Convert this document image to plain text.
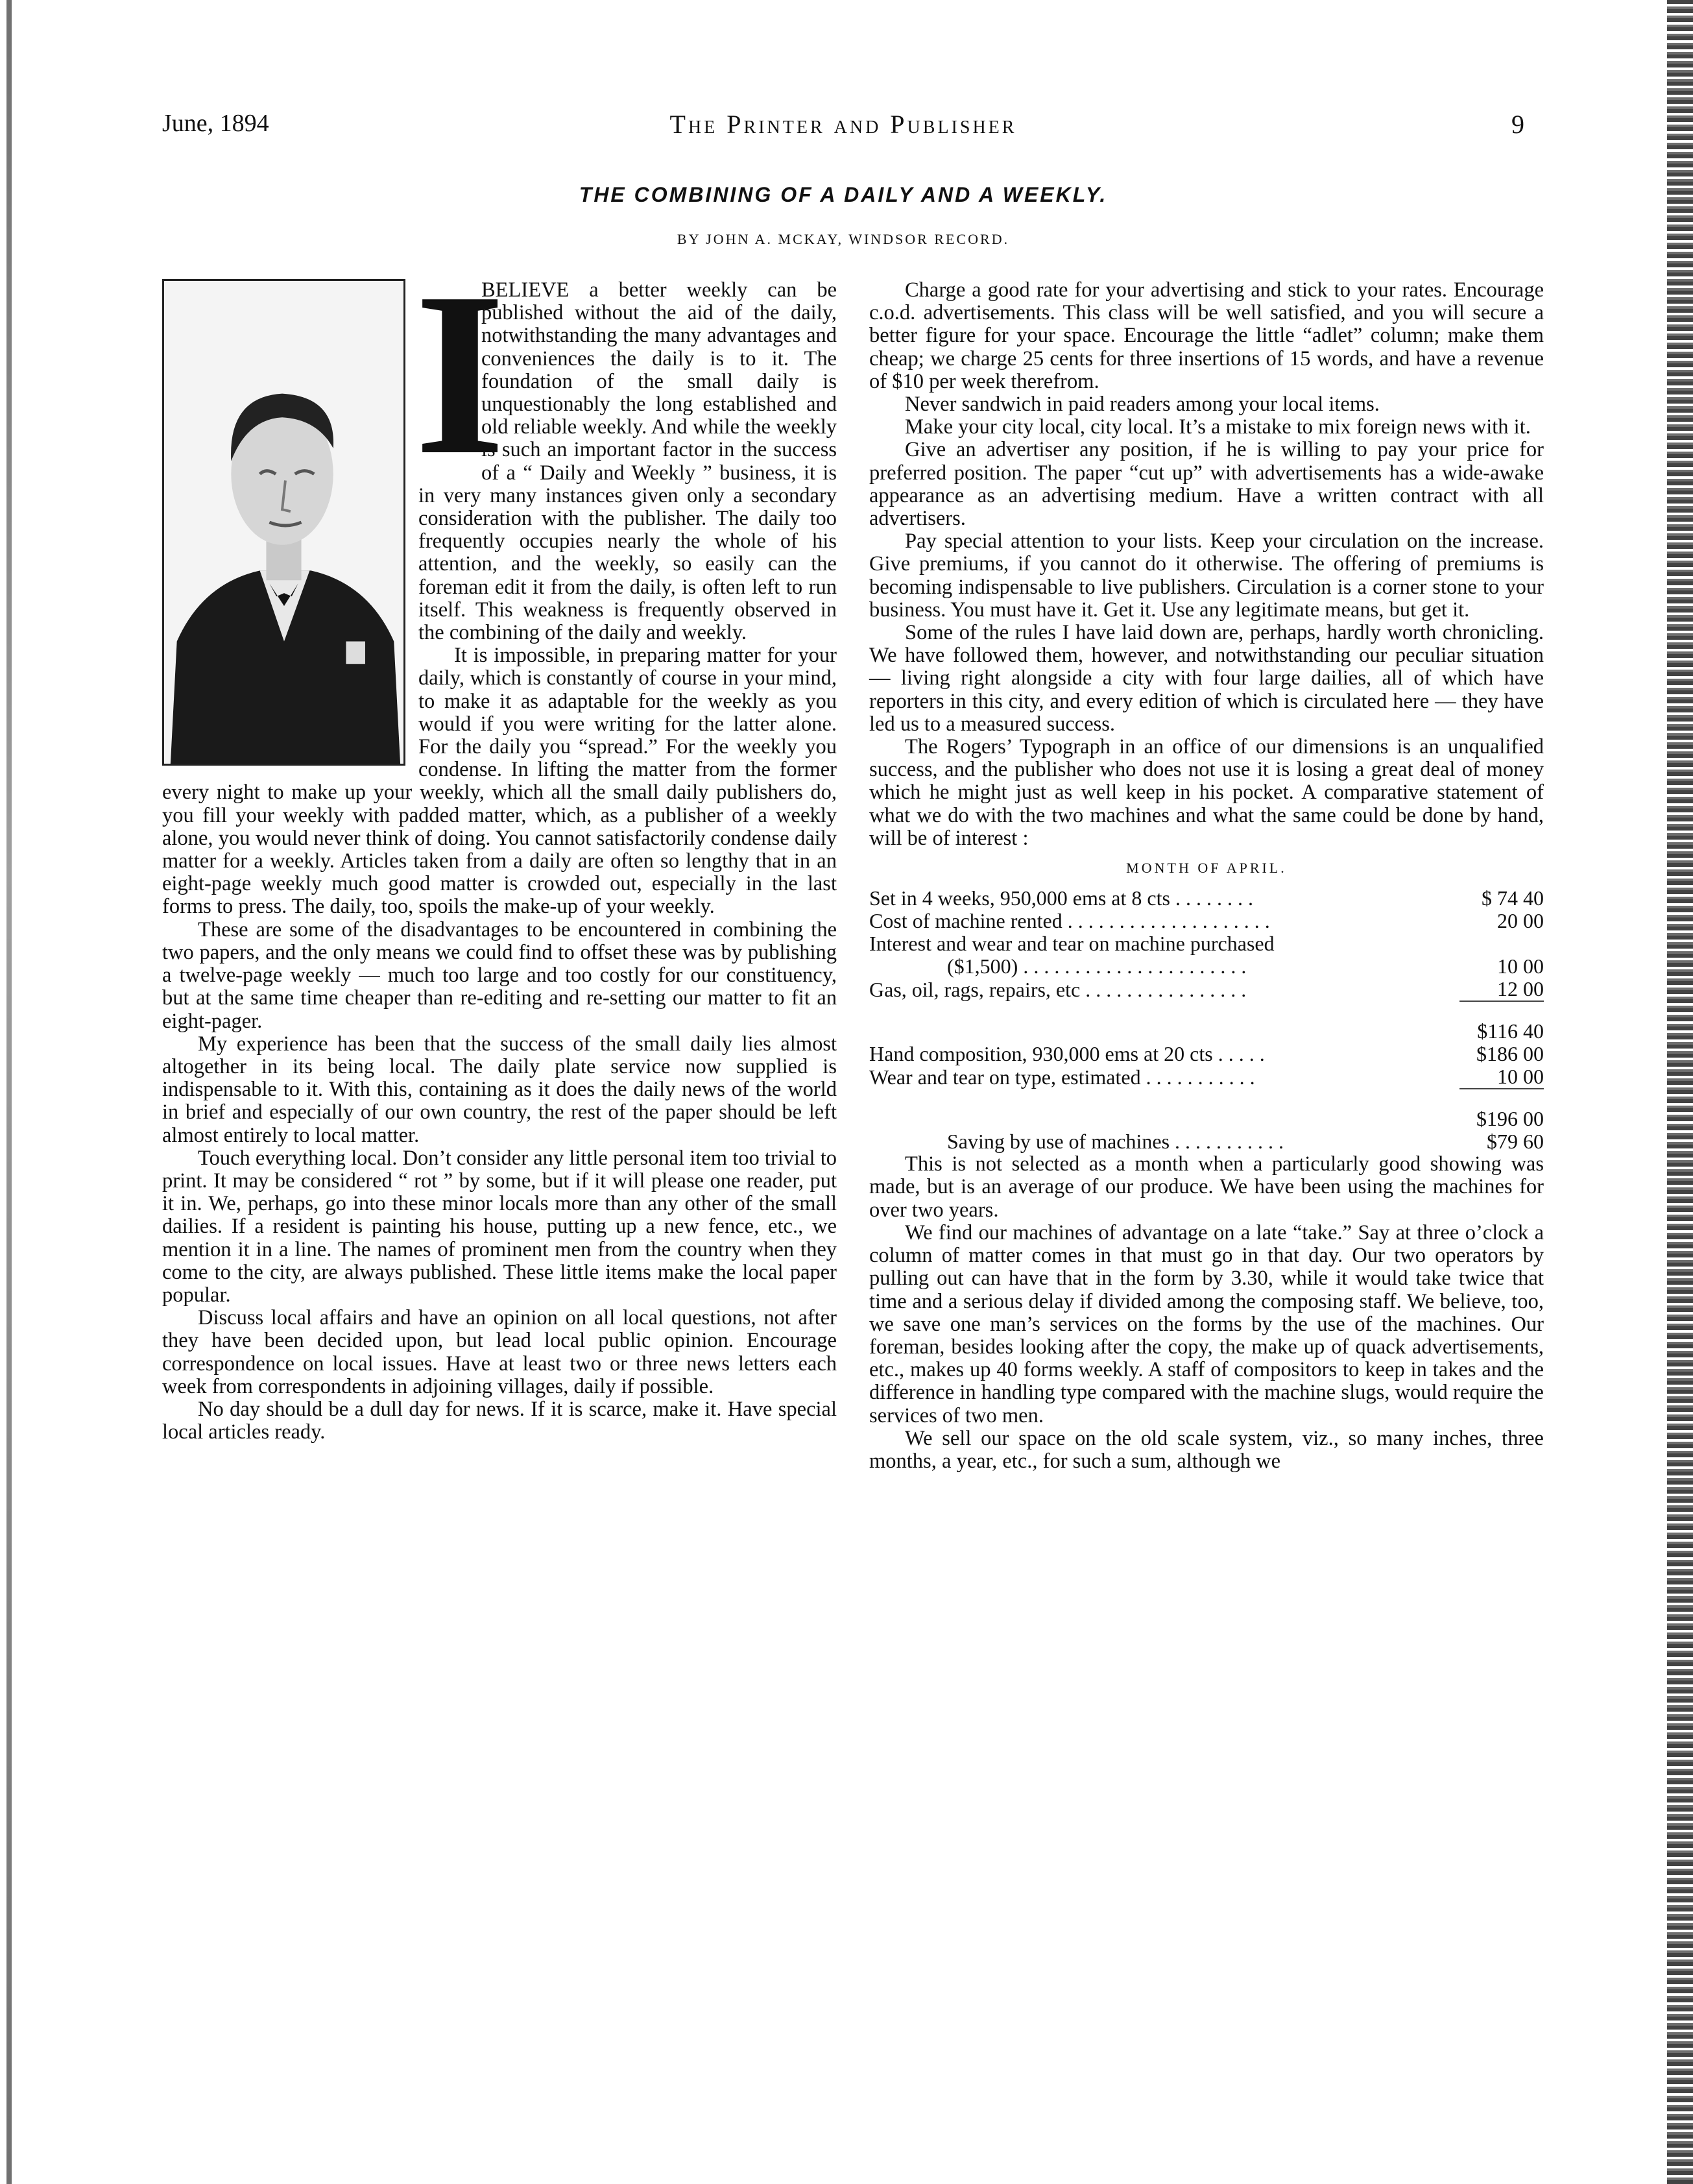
June, 1894	The Printer and Publisher	9
THE COMBINING OF A DAILY AND A WEEKLY.
BY JOHN A. MCKAY, WINDSOR RECORD.
I

BELIEVE a better weekly can be published without the aid of the daily, notwithstanding the many advantages and conveniences the daily is to it. The foundation of the small daily is unquestionably the long established and old reliable weekly. And while the weekly is such an important factor in the success of a “ Daily and Weekly ” business, it is in very many instances given only a secondary consideration with the publisher. The daily too frequently occupies nearly the whole of his attention, and the weekly, so easily can the foreman edit it from the daily, is often left to run itself. This weakness is frequently observed in the combining of the daily and weekly.

It is impossible, in preparing matter for your daily, which is constantly of course in your mind, to make it as adaptable for the weekly as you would if you were writing for the latter alone. For the daily you “spread.” For the weekly you condense. In lifting the matter from the former every night to make up your weekly, which all the small daily publishers do, you fill your weekly with padded matter, which, as a publisher of a weekly alone, you would never think of doing. You cannot satisfactorily condense daily matter for a weekly. Articles taken from a daily are often so lengthy that in an eight-page weekly much good matter is crowded out, especially in the last forms to press. The daily, too, spoils the make-up of your weekly.

These are some of the disadvantages to be encountered in combining the two papers, and the only means we could find to offset these was by publishing a twelve-page weekly — much too large and too costly for our constituency, but at the same time cheaper than re-editing and re-setting our matter to fit an eight-pager.

My experience has been that the success of the small daily lies almost altogether in its being local. The daily plate service now supplied is indispensable to it. With this, containing as it does the daily news of the world in brief and especially of our own country, the rest of the paper should be left almost entirely to local matter.

Touch everything local. Don’t consider any little personal item too trivial to print. It may be considered “ rot ” by some, but if it will please one reader, put it in. We, perhaps, go into these minor locals more than any other of the small dailies. If a resident is painting his house, putting up a new fence, etc., we mention it in a line. The names of prominent men from the country when they come to the city, are always published. These little items make the local paper popular.

Discuss local affairs and have an opinion on all local questions, not after they have been decided upon, but lead local public opinion. Encourage correspondence on local issues. Have at least two or three news letters each week from correspondents in adjoining villages, daily if possible.

No day should be a dull day for news. If it is scarce, make it. Have special local articles ready.

Charge a good rate for your advertising and stick to your rates. Encourage c.o.d. advertisements. This class will be well satisfied, and you will secure a better figure for your space. Encourage the little “adlet” column; make them cheap; we charge 25 cents for three insertions of 15 words, and have a revenue of $10 per week therefrom.

Never sandwich in paid readers among your local items.

Make your city local, city local. It’s a mistake to mix foreign news with it.

Give an advertiser any position, if he is willing to pay your price for preferred position. The paper “cut up” with advertisements has a wide-awake appearance as an advertising medium. Have a written contract with all advertisers.

Pay special attention to your lists. Keep your circulation on the increase. Give premiums, if you cannot do it otherwise. The offering of premiums is becoming indispensable to live publishers. Circulation is a corner stone to your business. You must have it. Get it. Use any legitimate means, but get it.

Some of the rules I have laid down are, perhaps, hardly worth chronicling. We have followed them, however, and notwithstanding our peculiar situation — living right alongside a city with four large dailies, all of which have reporters in this city, and every edition of which is circulated here — they have led us to a measured success.

The Rogers’ Typograph in an office of our dimensions is an unqualified success, and the publisher who does not use it is losing a great deal of money which he might just as well keep in his pocket. A comparative statement of what we do with the two machines and what the same could be done by hand, will be of interest :

MONTH OF APRIL.
Set in 4 weeks, 950,000 ems at 8 cts . . . . . . . .	$ 74 40
Cost of machine rented . . . . . . . . . . . . . . . . . . . .	20 00
Interest and wear and tear on machine purchased	
($1,500) . . . . . . . . . . . . . . . . . . . . . .	10 00
Gas, oil, rags, repairs, etc . . . . . . . . . . . . . . . .	12 00
	$116 40
Hand composition, 930,000 ems at 20 cts . . . . .	$186 00
Wear and tear on type, estimated . . . . . . . . . . .	10 00
	$196 00
Saving by use of machines . . . . . . . . . . .	$79 60

This is not selected as a month when a particularly good showing was made, but is an average of our produce. We have been using the machines for over two years.

We find our machines of advantage on a late “take.” Say at three o’clock a column of matter comes in that must go in that day. Our two operators by pulling out can have that in the form by 3.30, while it would take twice that time and a serious delay if divided among the composing staff. We believe, too, we save one man’s services on the forms by the use of the machines. Our foreman, besides looking after the copy, the make up of quack advertisements, etc., makes up 40 forms weekly. A staff of compositors to keep in takes and the difference in handling type compared with the machine slugs, would require the services of two men.

We sell our space on the old scale system, viz., so many inches, three months, a year, etc., for such a sum, although we
